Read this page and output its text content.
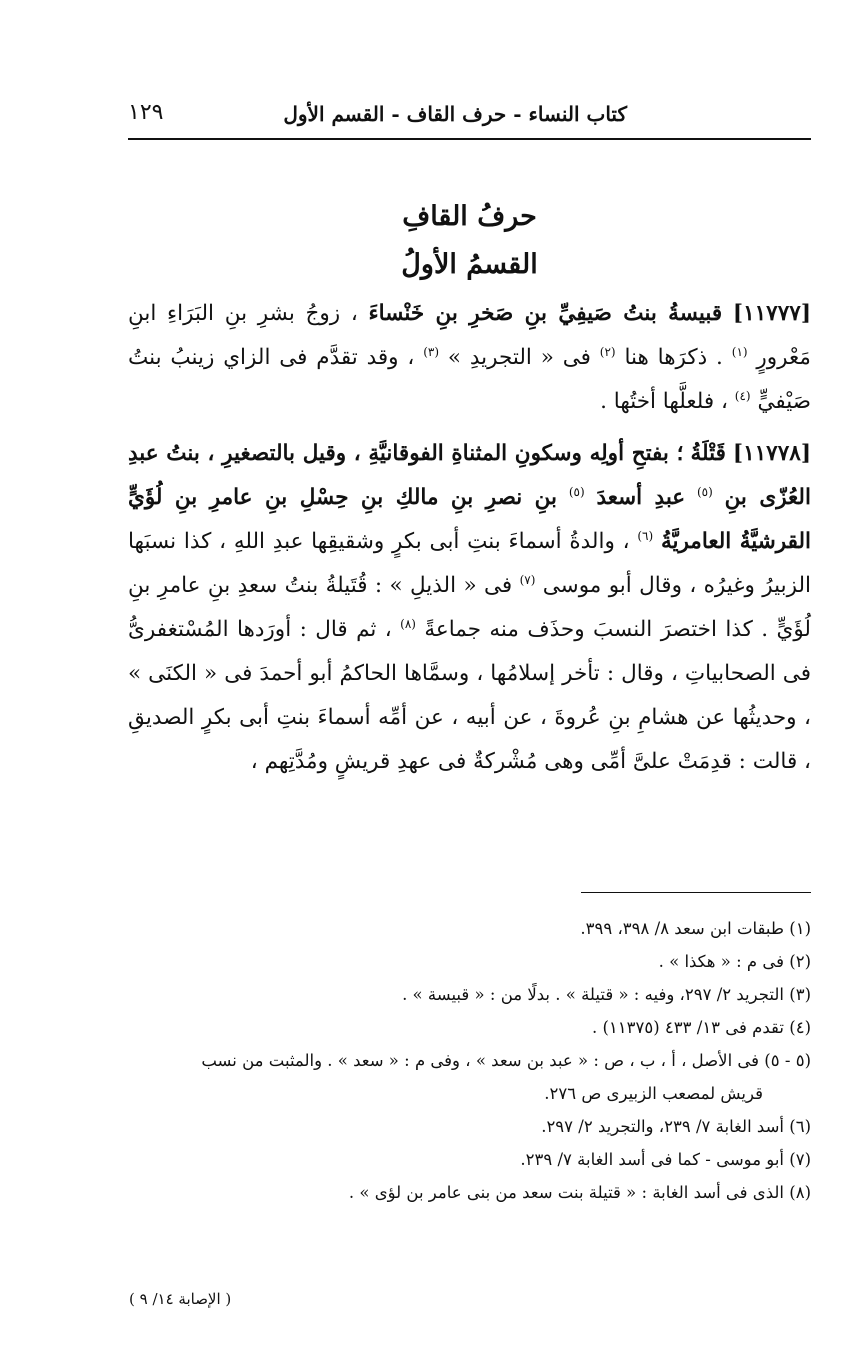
كتاب النساء - حرف القاف - القسم الأول
١٢٩
حرفُ القافِ
القسمُ الأولُ

[١١٧٧٧] قبيسةُ بنتُ صَيفِيِّ بنِ صَخرِ بنِ خَنْساءَ ، زوجُ بشرِ بنِ البَرَاءِ ابنِ مَعْرورٍ $^{(١)}$ . ذكرَها هنا $^{(٢)}$ فى « التجريدِ » $^{(٣)}$ ، وقد تقدَّم فى الزاي زينبُ بنتُ صَيْفيٍّ $^{(٤)}$ ، فلعلَّها أختُها .

[١١٧٧٨] قَتْلَةُ ؛ بفتحِ أولِه وسكونِ المثناةِ الفوقانيَّةِ ، وقيل بالتصغيرِ ، بنتُ عبدِ العُزّى بنِ $^{(٥)}$ عبدِ أسعدَ $^{(٥)}$ بنِ نصرِ بنِ مالكِ بنِ حِسْلِ بنِ عامرِ بنِ لُؤَيٍّ القرشيَّةُ العامريَّةُ $^{(٦)}$ ، والدةُ أسماءَ بنتِ أبى بكرٍ وشقيقِها عبدِ اللهِ ، كذا نسبَها الزبيرُ وغيرُه ، وقال أبو موسى $^{(٧)}$ فى « الذيلِ » : قُتَيلةُ بنتُ سعدِ بنِ عامرِ بنِ لُؤَيٍّ . كذا اختصرَ النسبَ وحذَف منه جماعةً $^{(٨)}$ ، ثم قال : أورَدها المُسْتغفرىُّ فى الصحابياتِ ، وقال : تأخر إسلامُها ، وسمَّاها الحاكمُ أبو أحمدَ فى « الكنَى » ، وحديثُها عن هشامِ بنِ عُروةَ ، عن أبيه ، عن أمِّه أسماءَ بنتِ أبى بكرٍ الصديقِ ، قالت : قدِمَتْ علىَّ أمِّى وهى مُشْركةٌ فى عهدِ قريشٍ ومُدَّتِهم ،

(١) طبقات ابن سعد ٨/ ٣٩٨، ٣٩٩.

(٢) فى م : « هكذا » .

(٣) التجريد ٢/ ٢٩٧، وفيه : « قتيلة » . بدلًا من : « قبيسة » .

(٤) تقدم فى ١٣/ ٤٣٣ (١١٣٧٥) .

(٥ - ٥) فى الأصل ، أ ، ب ، ص : « عبد بن سعد » ، وفى م : « سعد » . والمثبت من نسب

قريش لمصعب الزبيرى ص ٢٧٦.

(٦) أسد الغابة ٧/ ٢٣٩، والتجريد ٢/ ٢٩٧.

(٧) أبو موسى - كما فى أسد الغابة ٧/ ٢٣٩.

(٨) الذى فى أسد الغابة : « قتيلة بنت سعد من بنى عامر بن لؤى » .

( الإصابة ١٤/ ٩ )
